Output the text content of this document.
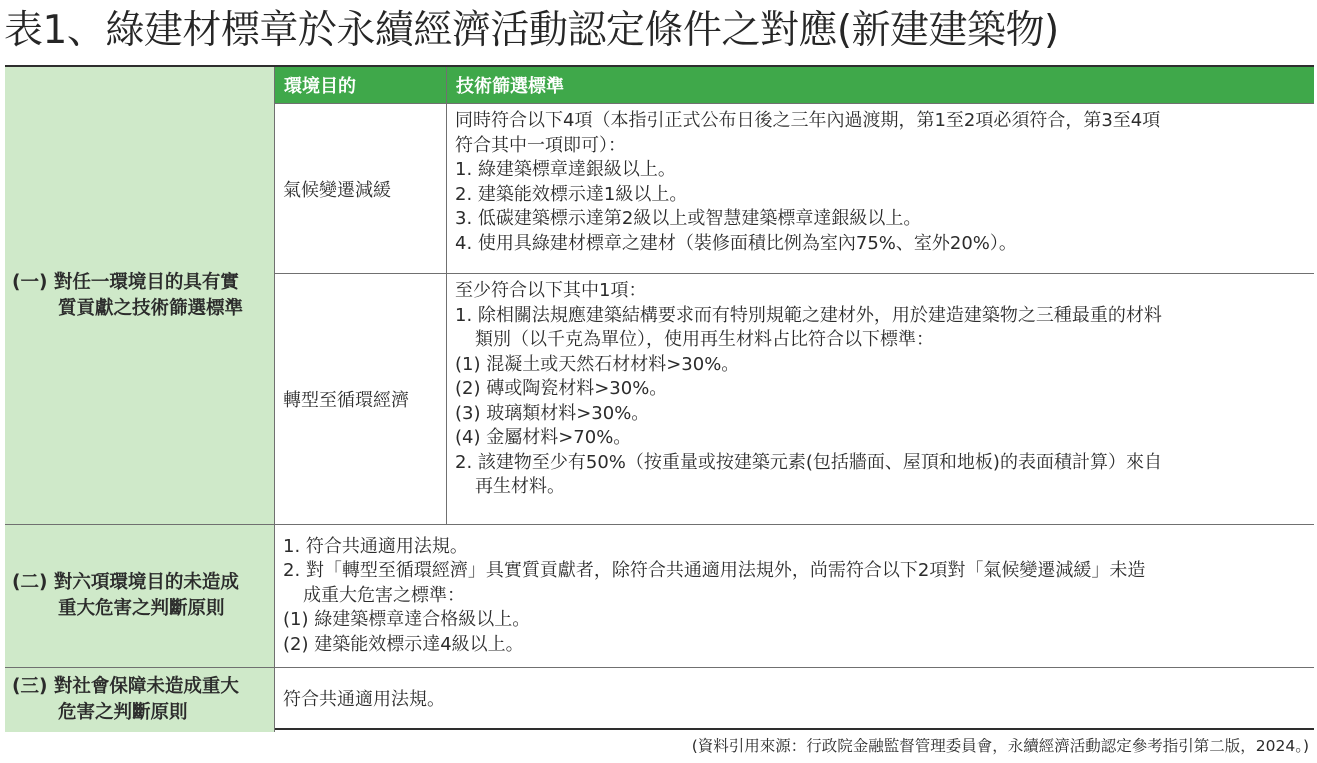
表1、綠建材標章於永續經濟活動認定條件之對應(新建建築物)
(一) 對任一環境目的具有實
質貢獻之技術篩選標準
環境目的	技術篩選標準
氣候變遷減緩
同時符合以下4項（本指引正式公布日後之三年內過渡期，第1至2項必須符合，第3至4項
符合其中一項即可）：
1. 綠建築標章達銀級以上。
2. 建築能效標示達1級以上。
3. 低碳建築標示達第2級以上或智慧建築標章達銀級以上。
4. 使用具綠建材標章之建材（裝修面積比例為室內75%、室外20%）。
轉型至循環經濟
至少符合以下其中1項：
1. 除相關法規應建築結構要求而有特別規範之建材外，用於建造建築物之三種最重的材料
類別（以千克為單位），使用再生材料占比符合以下標準：
(1) 混凝土或天然石材材料>30%。
(2) 磚或陶瓷材料>30%。
(3) 玻璃類材料>30%。
(4) 金屬材料>70%。
2. 該建物至少有50%（按重量或按建築元素(包括牆面、屋頂和地板)的表面積計算）來自
再生材料。
(二) 對六項環境目的未造成
重大危害之判斷原則
1. 符合共通適用法規。
2. 對「轉型至循環經濟」具實質貢獻者，除符合共通適用法規外，尚需符合以下2項對「氣候變遷減緩」未造
成重大危害之標準：
(1) 綠建築標章達合格級以上。
(2) 建築能效標示達4級以上。
(三) 對社會保障未造成重大
危害之判斷原則
符合共通適用法規。
(資料引用來源：行政院金融監督管理委員會，永續經濟活動認定參考指引第二版，2024。)
